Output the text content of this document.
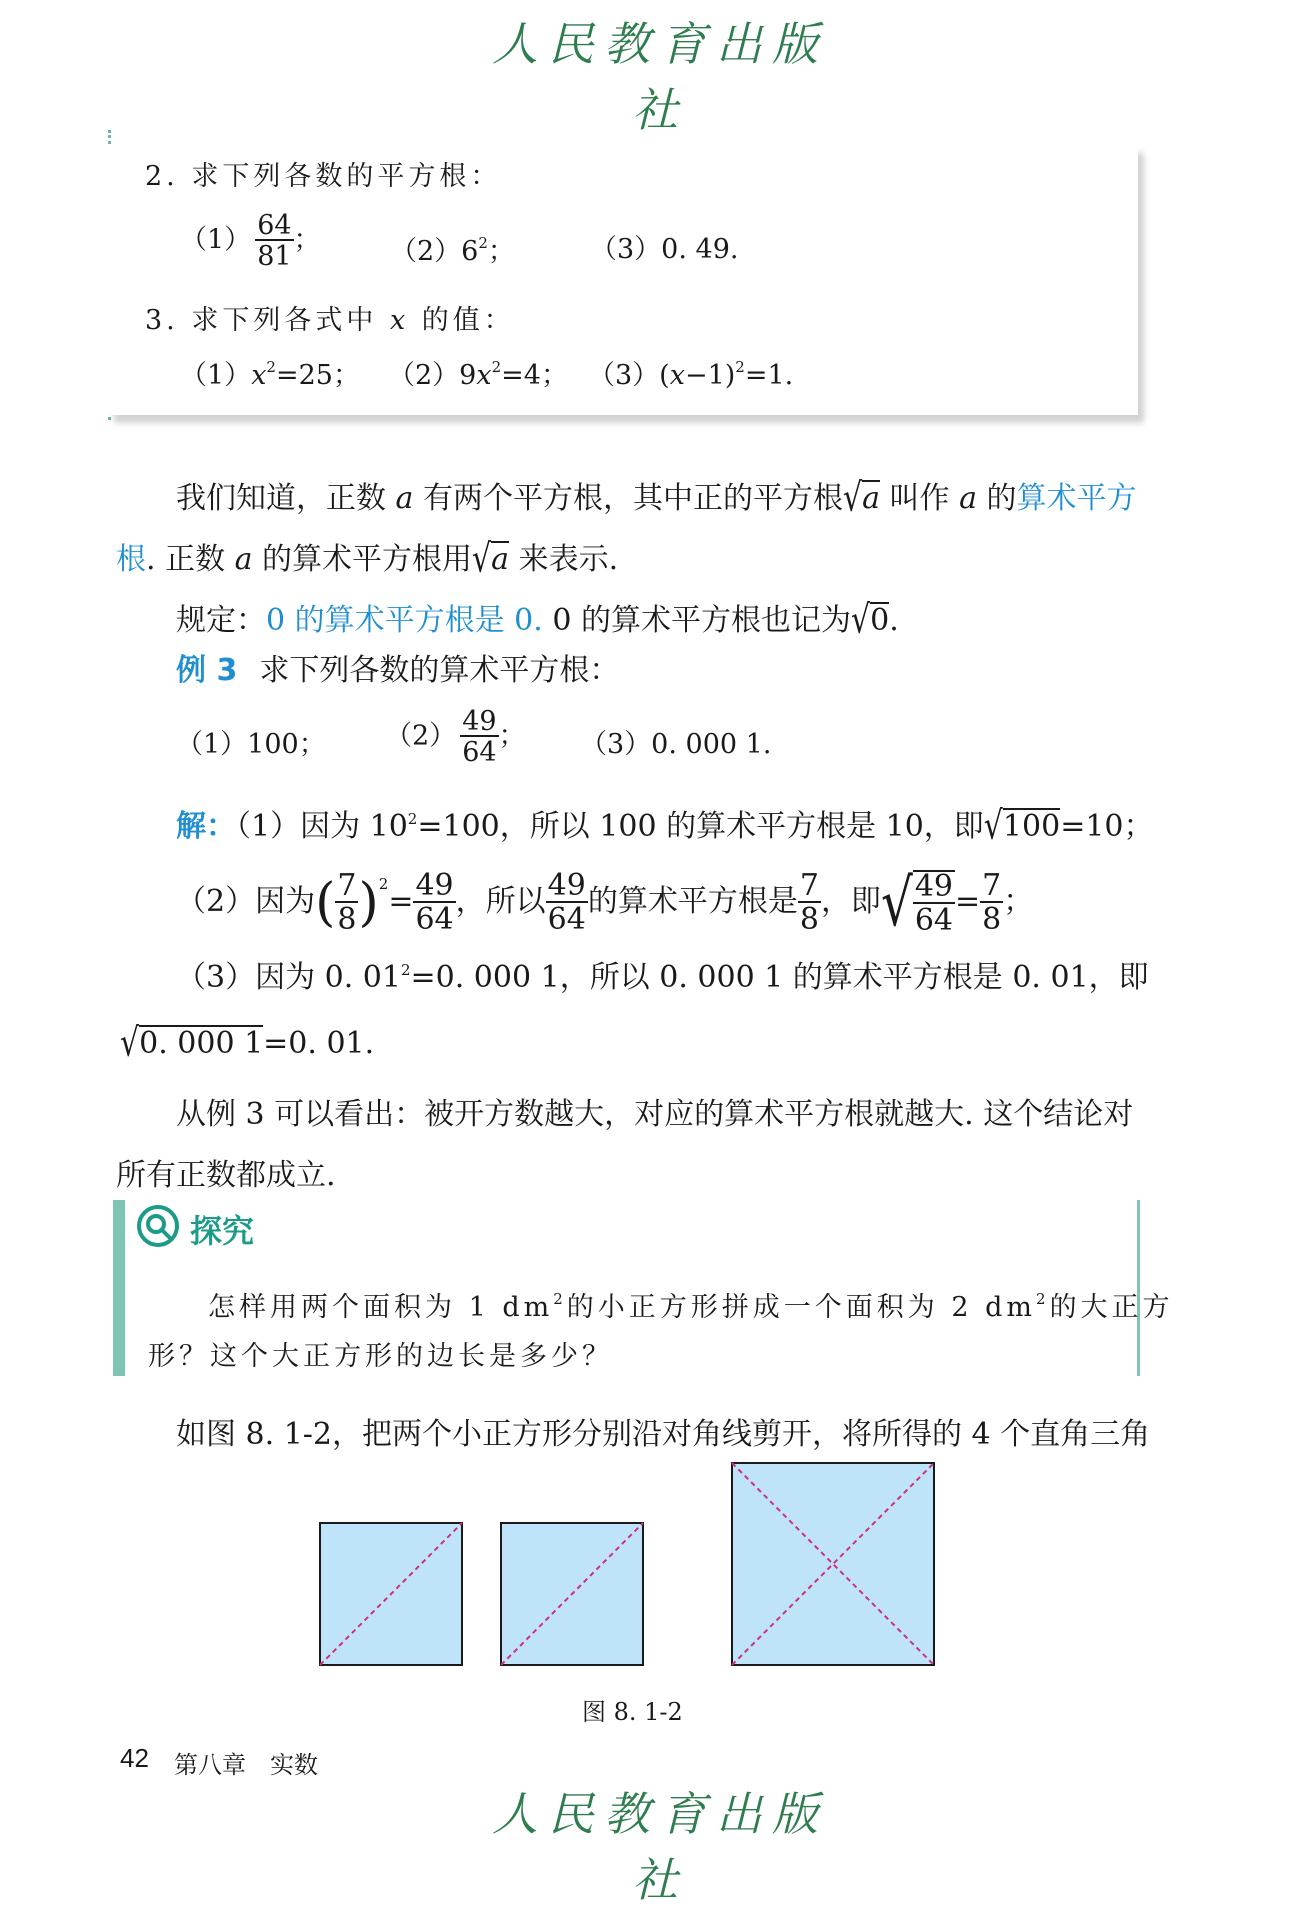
人民教育出版社
2. 求下列各数的平方根：
$(1) \frac{64}{81}$ ；	$(2)6^2$；	（3）0. 49.
3. 求下列各式中 x 的值：
$(1)x^2=25$； $(2)9x^2=4$； $(3)(x-1)^2=1$.
我们知道，正数 a 有两个平方根，其中正的平方根√a 叫作 a 的算术平方
根. 正数 a 的算术平方根用√a 来表示.
规定：0 的算术平方根是 0. 0 的算术平方根也记为√0.
例 3 求下列各数的算术平方根：
（1）100； $(2) \frac{49}{64}$ ； （3）0. 000 1.
解：（1）因为 $10^2=100$，所以 100 的算术平方根是 10，即√100=10；
（2）因为( $\frac{7}{8} )^2= \frac{49}{64}$ ，所以 $\frac{49}{64}$ 的算术平方根是 $\frac{7}{8}$ ，即√ $\frac{49}{64} = \frac{7}{8}$ ；
（3）因为 0. $01^2=0$. 000 1，所以 0. 000 1 的算术平方根是 0. 01，即
√0. 000 1=0. 01.
从例 3 可以看出：被开方数越大，对应的算术平方根就越大. 这个结论对
所有正数都成立.
探究
怎样用两个面积为 1 $dm^2$的小正方形拼成一个面积为 2 $dm^2$的大正方
形？这个大正方形的边长是多少？
如图 8. 1-2，把两个小正方形分别沿对角线剪开，将所得的 4 个直角三角
图 8. 1-2
42 第八章　实数
人民教育出版社
